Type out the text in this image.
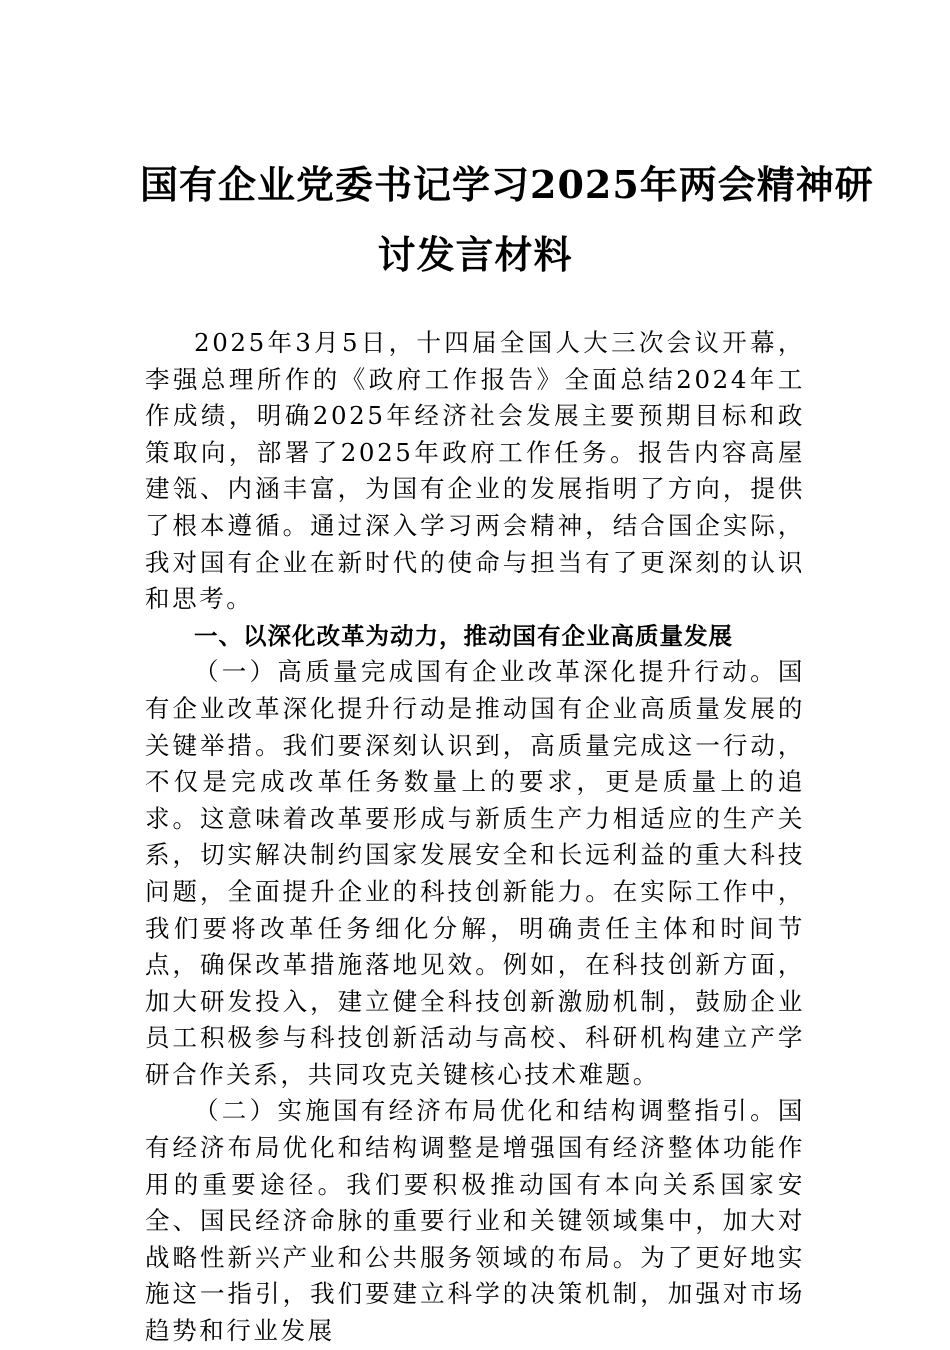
国有企业党委书记学习2025年两会精神研
讨发言材料

2025年3月5日，十四届全国人大三次会议开幕，李强总理所作的《政府工作报告》全面总结2024年工作成绩，明确2025年经济社会发展主要预期目标和政策取向，部署了2025年政府工作任务。报告内容高屋建瓴、内涵丰富，为国有企业的发展指明了方向，提供了根本遵循。通过深入学习两会精神，结合国企实际，我对国有企业在新时代的使命与担当有了更深刻的认识和思考。

一、以深化改革为动力，推动国有企业高质量发展

（一）高质量完成国有企业改革深化提升行动。国有企业改革深化提升行动是推动国有企业高质量发展的关键举措。我们要深刻认识到，高质量完成这一行动，不仅是完成改革任务数量上的要求，更是质量上的追求。这意味着改革要形成与新质生产力相适应的生产关系，切实解决制约国家发展安全和长远利益的重大科技问题，全面提升企业的科技创新能力。在实际工作中，我们要将改革任务细化分解，明确责任主体和时间节点，确保改革措施落地见效。例如，在科技创新方面，加大研发投入，建立健全科技创新激励机制，鼓励企业员工积极参与科技创新活动与高校、科研机构建立产学研合作关系，共同攻克关键核心技术难题。

（二）实施国有经济布局优化和结构调整指引。国有经济布局优化和结构调整是增强国有经济整体功能作用的重要途径。我们要积极推动国有本向关系国家安全、国民经济命脉的重要行业和关键领域集中，加大对战略性新兴产业和公共服务领域的布局。为了更好地实施这一指引，我们要建立科学的决策机制，加强对市场趋势和行业发展
